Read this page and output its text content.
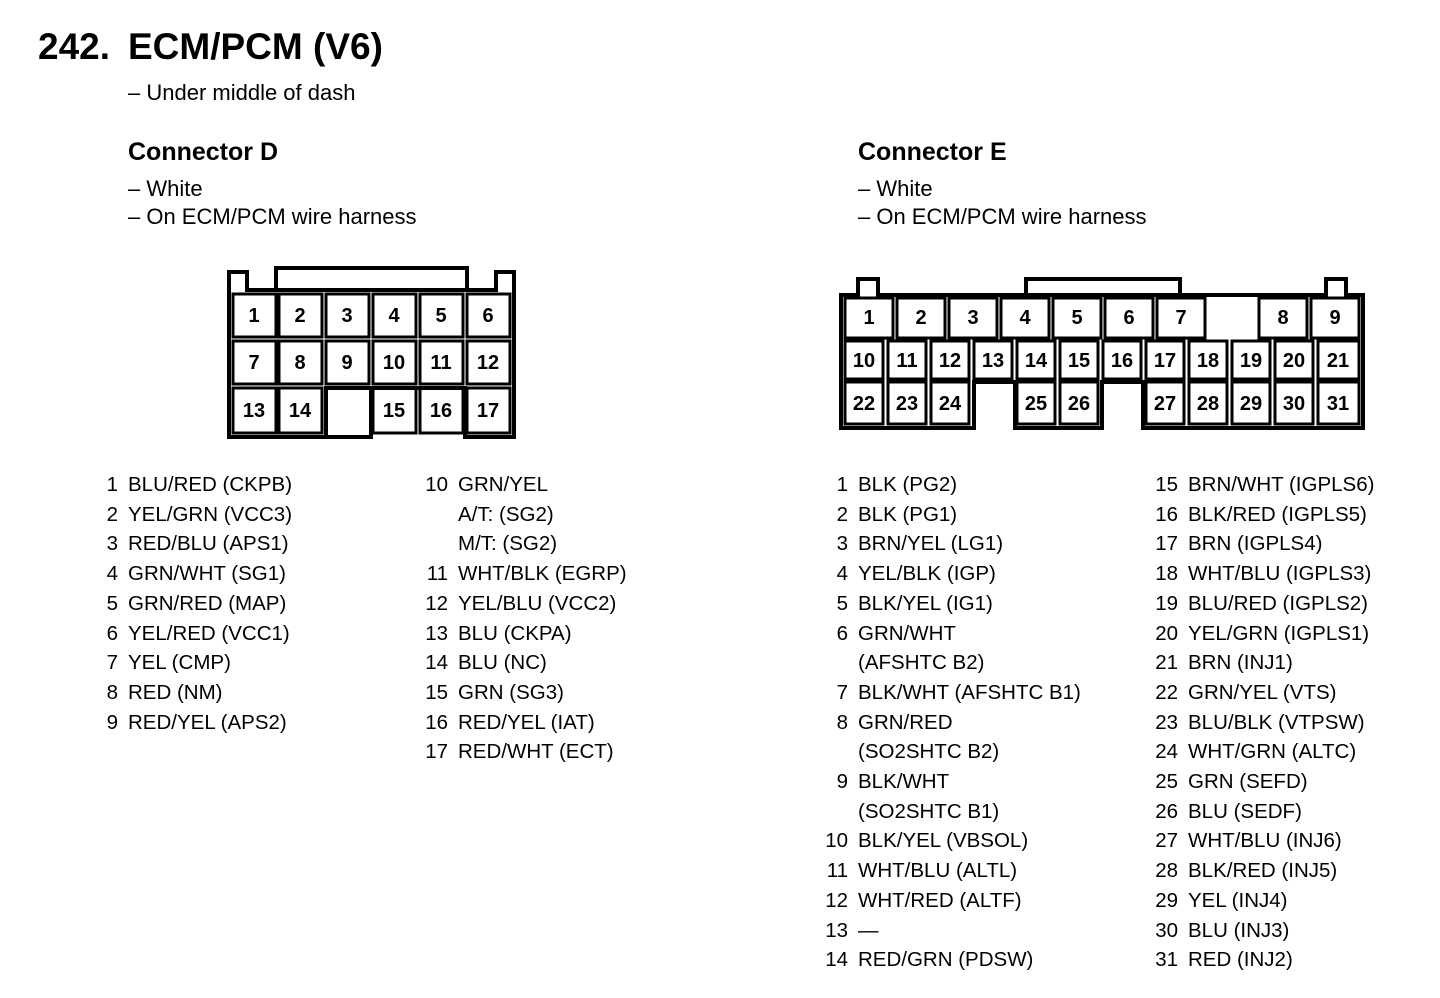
242. ECM/PCM (V6)
– Under middle of dash
Connector D
– White
– On ECM/PCM wire harness
Connector E
– White
– On ECM/PCM wire harness
1 2 3 4 5 6
7 8 9 10 11 12
13 14	15 16 17
1 2 3 4 5 6 7	8 9
10 11 12 13 14 15 16 17 18 19 20 21
22 23 24	25 26	27 28 29 30 31
1 BLU/RED (CKPB)
2 YEL/GRN (VCC3)
3 RED/BLU (APS1)
4 GRN/WHT (SG1)
5 GRN/RED (MAP)
6 YEL/RED (VCC1)
7 YEL (CMP)
8 RED (NM)
9 RED/YEL (APS2)
10 GRN/YEL
A/T: (SG2)
M/T: (SG2)
11 WHT/BLK (EGRP)
12 YEL/BLU (VCC2)
13 BLU (CKPA)
14 BLU (NC)
15 GRN (SG3)
16 RED/YEL (IAT)
17 RED/WHT (ECT)
1 BLK (PG2)
2 BLK (PG1)
3 BRN/YEL (LG1)
4 YEL/BLK (IGP)
5 BLK/YEL (IG1)
6 GRN/WHT
(AFSHTC B2)
7 BLK/WHT (AFSHTC B1)
8 GRN/RED
(SO2SHTC B2)
9 BLK/WHT
(SO2SHTC B1)
10 BLK/YEL (VBSOL)
11 WHT/BLU (ALTL)
12 WHT/RED (ALTF)
13 —
14 RED/GRN (PDSW)
15 BRN/WHT (IGPLS6)
16 BLK/RED (IGPLS5)
17 BRN (IGPLS4)
18 WHT/BLU (IGPLS3)
19 BLU/RED (IGPLS2)
20 YEL/GRN (IGPLS1)
21 BRN (INJ1)
22 GRN/YEL (VTS)
23 BLU/BLK (VTPSW)
24 WHT/GRN (ALTC)
25 GRN (SEFD)
26 BLU (SEDF)
27 WHT/BLU (INJ6)
28 BLK/RED (INJ5)
29 YEL (INJ4)
30 BLU (INJ3)
31 RED (INJ2)
